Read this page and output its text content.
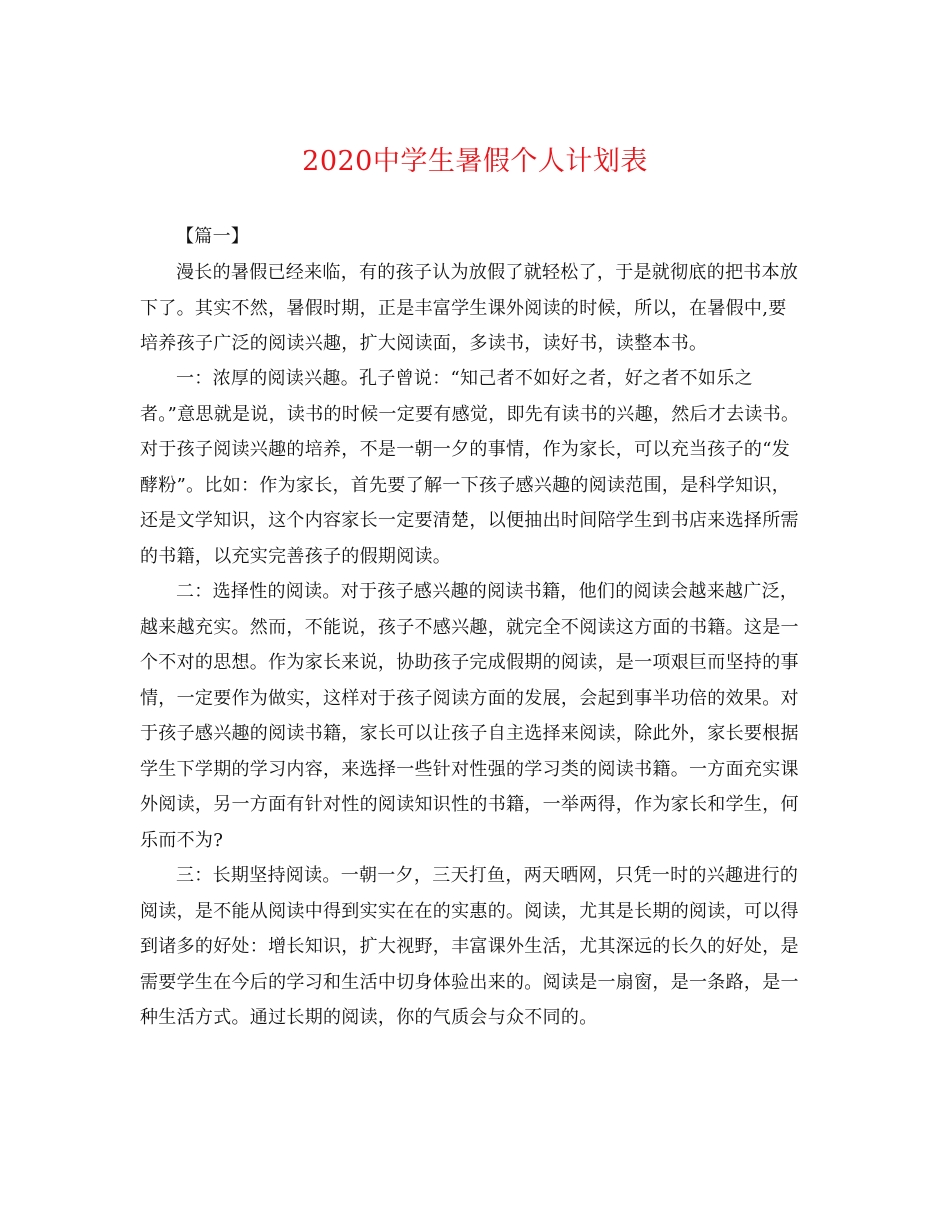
2020中学生暑假个人计划表
【篇一】
漫长的暑假已经来临，有的孩子认为放假了就轻松了，于是就彻底的把书本放
下了。其实不然，暑假时期，正是丰富学生课外阅读的时候，所以，在暑假中,要
培养孩子广泛的阅读兴趣，扩大阅读面，多读书，读好书，读整本书。
一：浓厚的阅读兴趣。孔子曾说：“知己者不如好之者，好之者不如乐之
者。”意思就是说，读书的时候一定要有感觉，即先有读书的兴趣，然后才去读书。
对于孩子阅读兴趣的培养，不是一朝一夕的事情，作为家长，可以充当孩子的“发
酵粉”。比如：作为家长，首先要了解一下孩子感兴趣的阅读范围，是科学知识，
还是文学知识，这个内容家长一定要清楚，以便抽出时间陪学生到书店来选择所需
的书籍，以充实完善孩子的假期阅读。
二：选择性的阅读。对于孩子感兴趣的阅读书籍，他们的阅读会越来越广泛，
越来越充实。然而，不能说，孩子不感兴趣，就完全不阅读这方面的书籍。这是一
个不对的思想。作为家长来说，协助孩子完成假期的阅读，是一项艰巨而坚持的事
情，一定要作为做实，这样对于孩子阅读方面的发展，会起到事半功倍的效果。对
于孩子感兴趣的阅读书籍，家长可以让孩子自主选择来阅读，除此外，家长要根据
学生下学期的学习内容，来选择一些针对性强的学习类的阅读书籍。一方面充实课
外阅读，另一方面有针对性的阅读知识性的书籍，一举两得，作为家长和学生，何
乐而不为?
三：长期坚持阅读。一朝一夕，三天打鱼，两天晒网，只凭一时的兴趣进行的
阅读，是不能从阅读中得到实实在在的实惠的。阅读，尤其是长期的阅读，可以得
到诸多的好处：增长知识，扩大视野，丰富课外生活，尤其深远的长久的好处，是
需要学生在今后的学习和生活中切身体验出来的。阅读是一扇窗，是一条路，是一
种生活方式。通过长期的阅读，你的气质会与众不同的。
